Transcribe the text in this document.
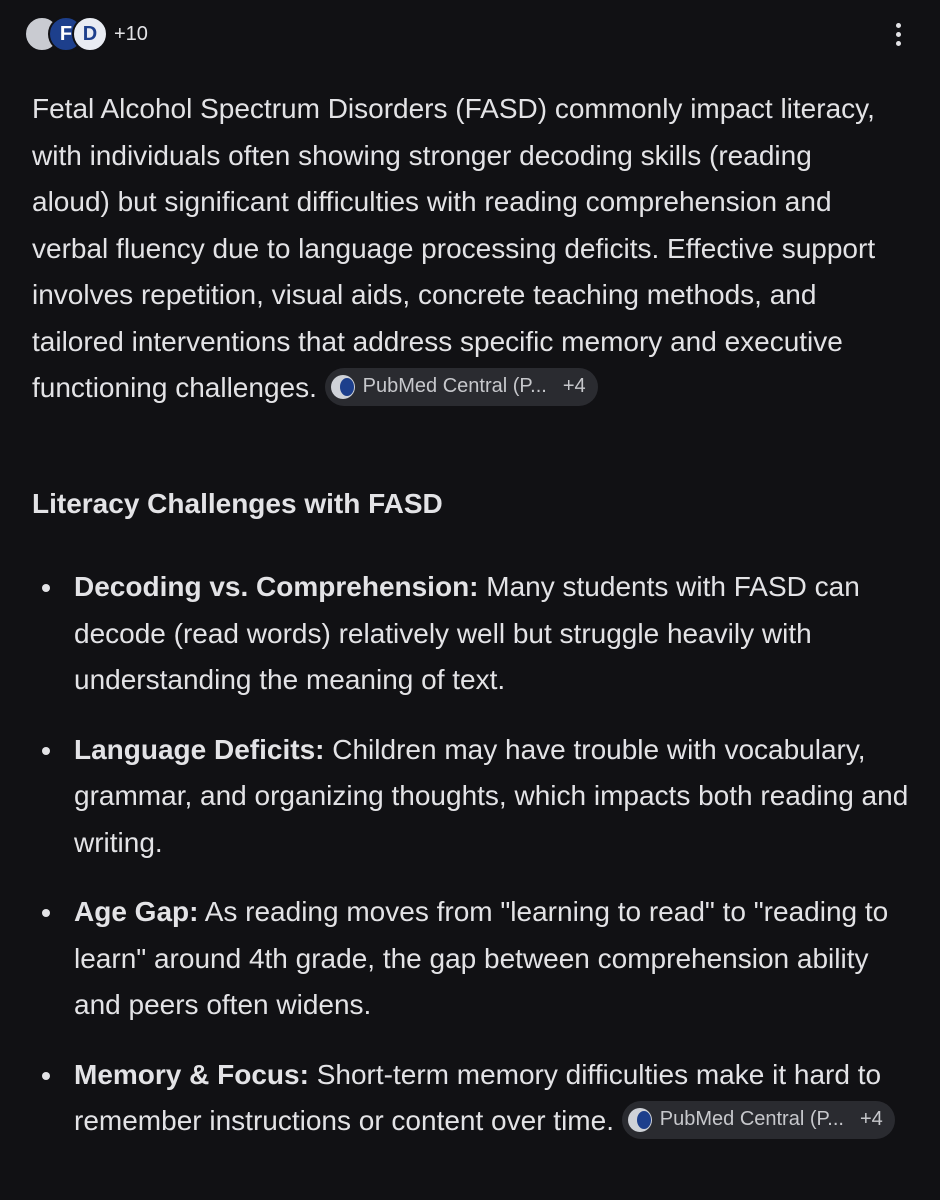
F D +10

Fetal Alcohol Spectrum Disorders (FASD) commonly impact literacy, with individuals often showing stronger decoding skills (reading aloud) but significant difficulties with reading comprehension and verbal fluency due to language processing deficits. Effective support involves repetition, visual aids, concrete teaching methods, and tailored interventions that address specific memory and executive functioning challenges. PubMed Central (P... +4

Literacy Challenges with FASD
Decoding vs. Comprehension: Many students with FASD can decode (read words) relatively well but struggle heavily with understanding the meaning of text.
Language Deficits: Children may have trouble with vocabulary, grammar, and organizing thoughts, which impacts both reading and writing.
Age Gap: As reading moves from "learning to read" to "reading to learn" around 4th grade, the gap between comprehension ability and peers often widens.
Memory & Focus: Short-term memory difficulties make it hard to remember instructions or content over time. PubMed Central (P... +4
